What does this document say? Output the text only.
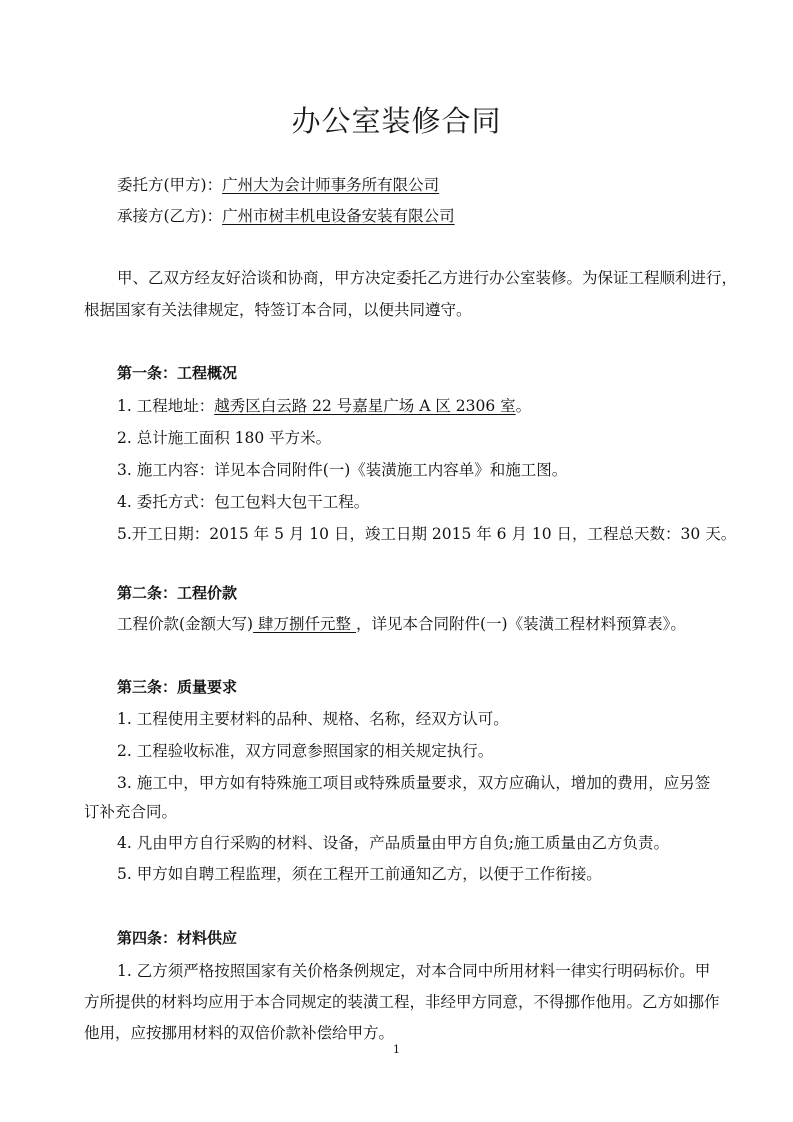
办公室装修合同
委托方(甲方)：广州大为会计师事务所有限公司
承接方(乙方)：广州市树丰机电设备安装有限公司
甲、乙双方经友好洽谈和协商，甲方决定委托乙方进行办公室装修。为保证工程顺利进行，
根据国家有关法律规定，特签订本合同，以便共同遵守。
第一条：工程概况
1. 工程地址：越秀区白云路 22 号嘉星广场 A 区 2306 室。
2. 总计施工面积 180 平方米。
3. 施工内容：详见本合同附件(一)《装潢施工内容单》和施工图。
4. 委托方式：包工包料大包干工程。
5.开工日期：2015 年 5 月 10 日，竣工日期 2015 年 6 月 10 日，工程总天数：30 天。
第二条：工程价款
工程价款(金额大写) 肆万捌仟元整 ，详见本合同附件(一)《装潢工程材料预算表》。
第三条：质量要求
1. 工程使用主要材料的品种、规格、名称，经双方认可。
2. 工程验收标准，双方同意参照国家的相关规定执行。
3. 施工中，甲方如有特殊施工项目或特殊质量要求，双方应确认，增加的费用，应另签
订补充合同。
4. 凡由甲方自行采购的材料、设备，产品质量由甲方自负;施工质量由乙方负责。
5. 甲方如自聘工程监理，须在工程开工前通知乙方，以便于工作衔接。
第四条：材料供应
1. 乙方须严格按照国家有关价格条例规定，对本合同中所用材料一律实行明码标价。甲
方所提供的材料均应用于本合同规定的装潢工程，非经甲方同意，不得挪作他用。乙方如挪作
他用，应按挪用材料的双倍价款补偿给甲方。
1
